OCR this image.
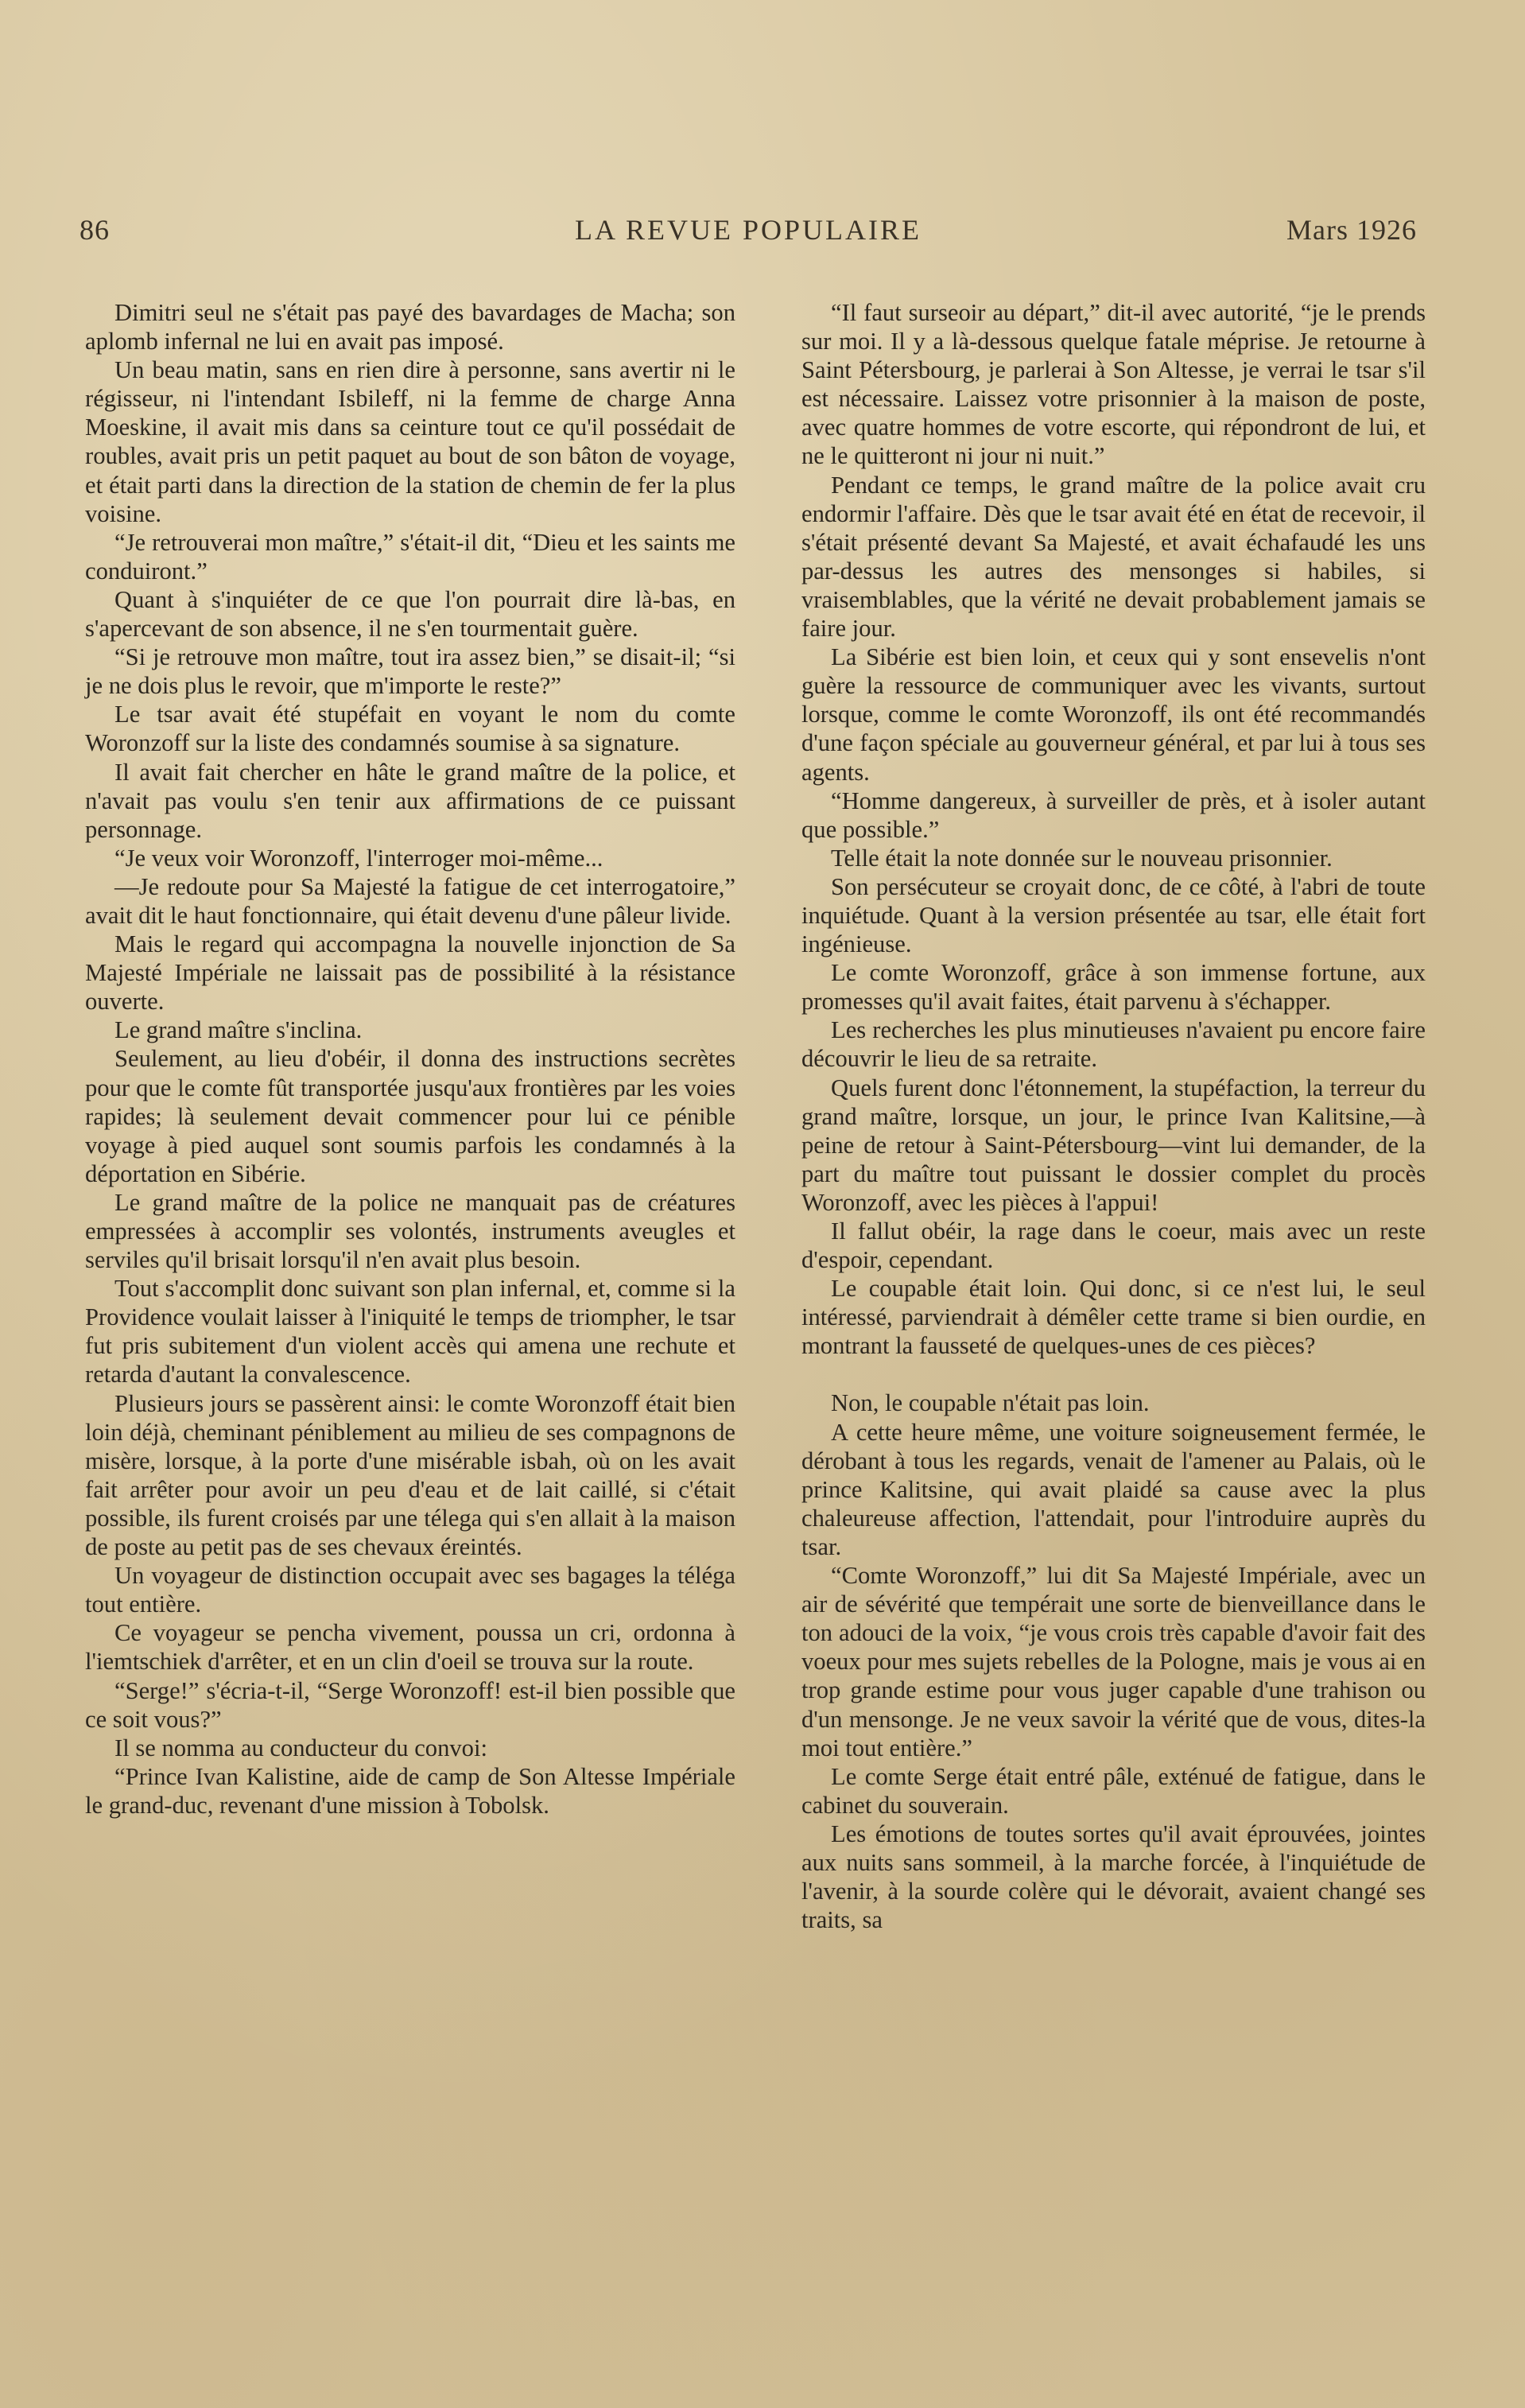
86	LA REVUE POPULAIRE	Mars 1926

Dimitri seul ne s'était pas payé des bavardages de Macha; son aplomb infernal ne lui en avait pas imposé.

Un beau matin, sans en rien dire à personne, sans avertir ni le régisseur, ni l'intendant Isbileff, ni la femme de charge Anna Moeskine, il avait mis dans sa ceinture tout ce qu'il possédait de roubles, avait pris un petit paquet au bout de son bâton de voyage, et était parti dans la direction de la station de chemin de fer la plus voisine.

“Je retrouverai mon maître,” s'était-il dit, “Dieu et les saints me conduiront.”

Quant à s'inquiéter de ce que l'on pourrait dire là-bas, en s'apercevant de son absence, il ne s'en tourmentait guère.

“Si je retrouve mon maître, tout ira assez bien,” se disait-il; “si je ne dois plus le revoir, que m'importe le reste?”

Le tsar avait été stupéfait en voyant le nom du comte Woronzoff sur la liste des condamnés soumise à sa signature.

Il avait fait chercher en hâte le grand maître de la police, et n'avait pas voulu s'en tenir aux affirmations de ce puissant personnage.

“Je veux voir Woronzoff, l'interroger moi-même...

—Je redoute pour Sa Majesté la fatigue de cet interrogatoire,” avait dit le haut fonctionnaire, qui était devenu d'une pâleur livide.

Mais le regard qui accompagna la nouvelle injonction de Sa Majesté Impériale ne laissait pas de possibilité à la résistance ouverte.

Le grand maître s'inclina.

Seulement, au lieu d'obéir, il donna des instructions secrètes pour que le comte fût transportée jusqu'aux frontières par les voies rapides; là seulement devait commencer pour lui ce pénible voyage à pied auquel sont soumis parfois les condamnés à la déportation en Sibérie.

Le grand maître de la police ne manquait pas de créatures empressées à accomplir ses volontés, instruments aveugles et serviles qu'il brisait lorsqu'il n'en avait plus besoin.

Tout s'accomplit donc suivant son plan infernal, et, comme si la Providence voulait laisser à l'iniquité le temps de triompher, le tsar fut pris subitement d'un violent accès qui amena une rechute et retarda d'autant la convalescence.

Plusieurs jours se passèrent ainsi: le comte Woronzoff était bien loin déjà, cheminant péniblement au milieu de ses compagnons de misère, lorsque, à la porte d'une misérable isbah, où on les avait fait arrêter pour avoir un peu d'eau et de lait caillé, si c'était possible, ils furent croisés par une télega qui s'en allait à la maison de poste au petit pas de ses chevaux éreintés.

Un voyageur de distinction occupait avec ses bagages la téléga tout entière.

Ce voyageur se pencha vivement, poussa un cri, ordonna à l'iemtschiek d'arrêter, et en un clin d'oeil se trouva sur la route.

“Serge!” s'écria-t-il, “Serge Woronzoff! est-il bien possible que ce soit vous?”

Il se nomma au conducteur du convoi:

“Prince Ivan Kalistine, aide de camp de Son Altesse Impériale le grand-duc, revenant d'une mission à Tobolsk.

“Il faut surseoir au départ,” dit-il avec autorité, “je le prends sur moi. Il y a là-dessous quelque fatale méprise. Je retourne à Saint Pétersbourg, je parlerai à Son Altesse, je verrai le tsar s'il est nécessaire. Laissez votre prisonnier à la maison de poste, avec quatre hommes de votre escorte, qui répondront de lui, et ne le quitteront ni jour ni nuit.”

Pendant ce temps, le grand maître de la police avait cru endormir l'affaire. Dès que le tsar avait été en état de recevoir, il s'était présenté devant Sa Majesté, et avait échafaudé les uns par-dessus les autres des mensonges si habiles, si vraisemblables, que la vérité ne devait probablement jamais se faire jour.

La Sibérie est bien loin, et ceux qui y sont ensevelis n'ont guère la ressource de communiquer avec les vivants, surtout lorsque, comme le comte Woronzoff, ils ont été recommandés d'une façon spéciale au gouverneur général, et par lui à tous ses agents.

“Homme dangereux, à surveiller de près, et à isoler autant que possible.”

Telle était la note donnée sur le nouveau prisonnier.

Son persécuteur se croyait donc, de ce côté, à l'abri de toute inquiétude. Quant à la version présentée au tsar, elle était fort ingénieuse.

Le comte Woronzoff, grâce à son immense fortune, aux promesses qu'il avait faites, était parvenu à s'échapper.

Les recherches les plus minutieuses n'avaient pu encore faire découvrir le lieu de sa retraite.

Quels furent donc l'étonnement, la stupéfaction, la terreur du grand maître, lorsque, un jour, le prince Ivan Kalitsine,—à peine de retour à Saint-Pétersbourg—vint lui demander, de la part du maître tout puissant le dossier complet du procès Woronzoff, avec les pièces à l'appui!

Il fallut obéir, la rage dans le coeur, mais avec un reste d'espoir, cependant.

Le coupable était loin. Qui donc, si ce n'est lui, le seul intéressé, parviendrait à démêler cette trame si bien ourdie, en montrant la fausseté de quelques-unes de ces pièces?

Non, le coupable n'était pas loin.

A cette heure même, une voiture soigneusement fermée, le dérobant à tous les regards, venait de l'amener au Palais, où le prince Kalitsine, qui avait plaidé sa cause avec la plus chaleureuse affection, l'attendait, pour l'introduire auprès du tsar.

“Comte Woronzoff,” lui dit Sa Majesté Impériale, avec un air de sévérité que tempérait une sorte de bienveillance dans le ton adouci de la voix, “je vous crois très capable d'avoir fait des voeux pour mes sujets rebelles de la Pologne, mais je vous ai en trop grande estime pour vous juger capable d'une trahison ou d'un mensonge. Je ne veux savoir la vérité que de vous, dites-la moi tout entière.”

Le comte Serge était entré pâle, exténué de fatigue, dans le cabinet du souverain.

Les émotions de toutes sortes qu'il avait éprouvées, jointes aux nuits sans sommeil, à la marche forcée, à l'inquiétude de l'avenir, à la sourde colère qui le dévorait, avaient changé ses traits, sa
